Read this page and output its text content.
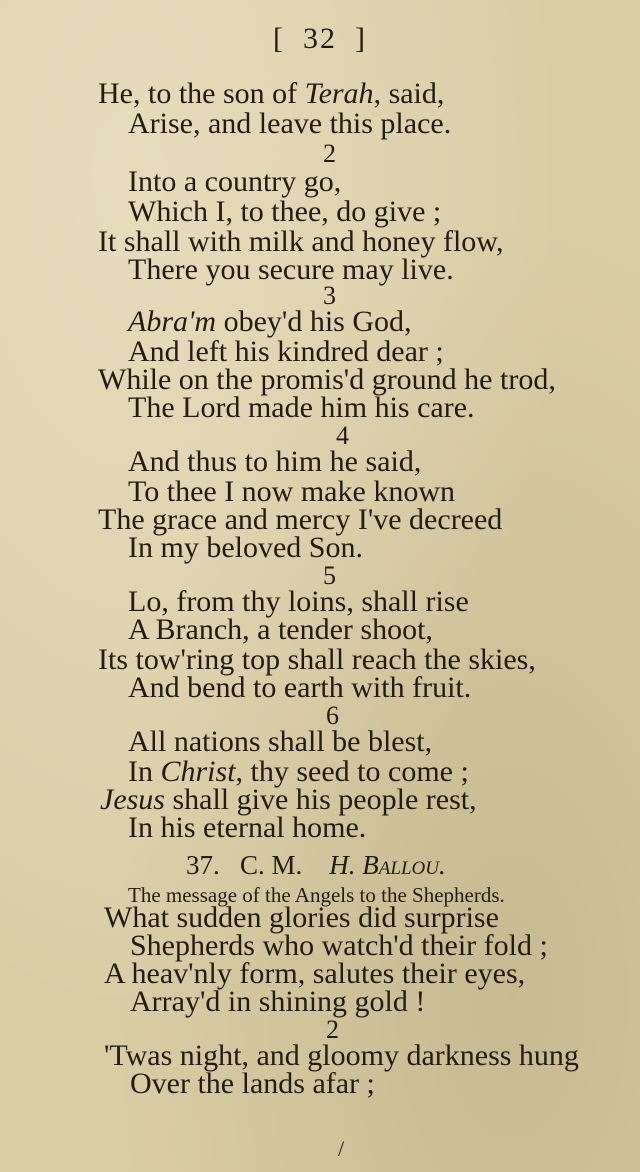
[ 32 ]
He, to the son of Terah, said,
Arise, and leave this place.
2
Into a country go,
Which I, to thee, do give ;
It shall with milk and honey flow,
There you secure may live.
3
Abra'm obey'd his God,
And left his kindred dear ;
While on the promis'd ground he trod,
The Lord made him his care.
4
And thus to him he said,
To thee I now make known
The grace and mercy I've decreed
In my beloved Son.
5
Lo, from thy loins, shall rise
A Branch, a tender shoot,
Its tow'ring top shall reach the skies,
And bend to earth with fruit.
6
All nations shall be blest,
In Christ, thy seed to come ;
Jesus shall give his people rest,
In his eternal home.
37. C. M. H. Ballou.
The message of the Angels to the Shepherds.
What sudden glories did surprise
Shepherds who watch'd their fold ;
A heav'nly form, salutes their eyes,
Array'd in shining gold !
2
'Twas night, and gloomy darkness hung
Over the lands afar ;
/
